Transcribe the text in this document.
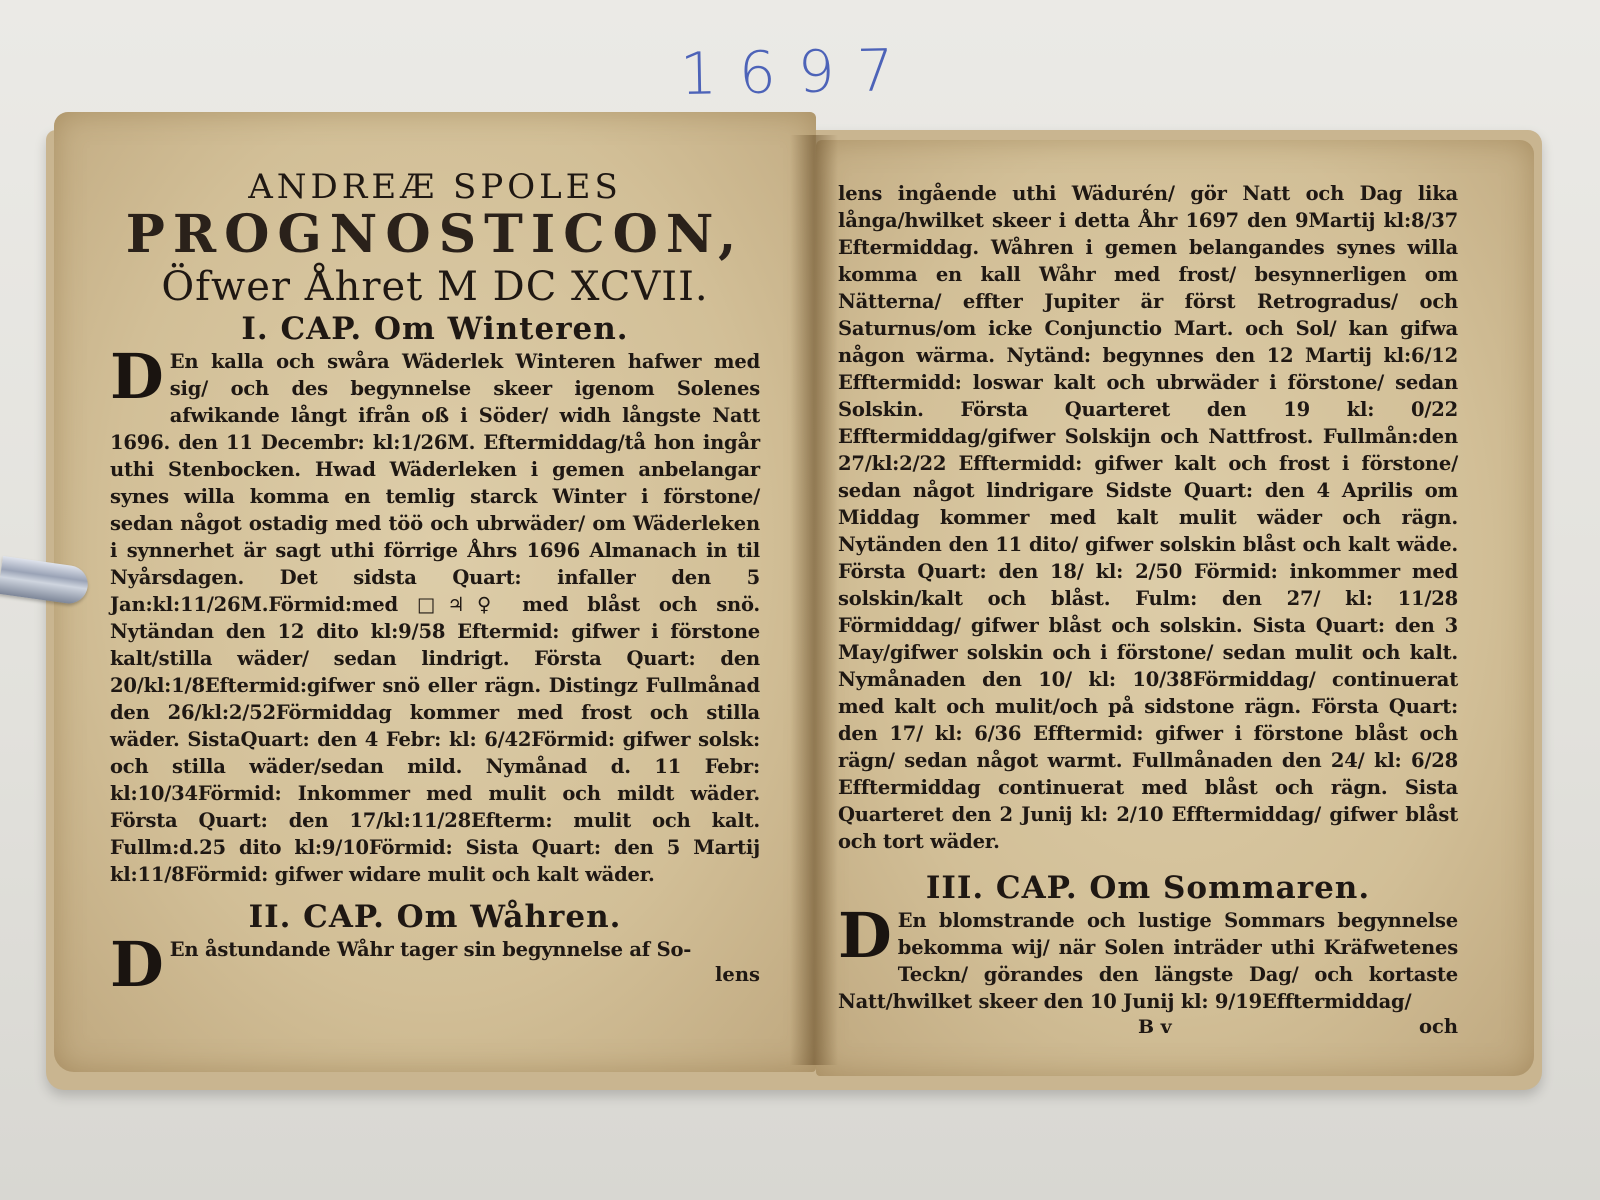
1697

ANDREÆ SPOLES

PROGNOSTICON,

Öfwer Åhret M DC XCVII.

I. CAP. Om Winteren.

D En kalla och swåra Wäderlek Winteren hafwer med sig/ och des begynnelse skeer igenom Solenes afwikande långt ifrån oß i Söder/ widh långste Natt 1696. den 11 Decembr: kl:1/26M. Eftermiddag/tå hon ingår uthi Stenbocken. Hwad Wäderleken i gemen anbelangar synes willa komma en temlig starck Winter i förstone/ sedan något ostadig med töö och ubrwäder/ om Wäderleken i synnerhet är sagt uthi förrige Åhrs 1696 Almanach in til Nyårsdagen. Det sidsta Quart: infaller den 5 Jan:kl:11/26M.Förmid:med □♃♀ med blåst och snö. Nytändan den 12 dito kl:9/58 Eftermid: gifwer i förstone kalt/stilla wäder/ sedan lindrigt. Första Quart: den 20/kl:1/8Eftermid:gifwer snö eller rägn. Distingz Fullmånad den 26/kl:2/52Förmiddag kommer med frost och stilla wäder. SistaQuart: den 4 Febr: kl: 6/42Förmid: gifwer solsk: och stilla wäder/sedan mild. Nymånad d. 11 Febr: kl:10/34Förmid: Inkommer med mulit och mildt wäder. Första Quart: den 17/kl:11/28Efterm: mulit och kalt. Fullm:d.25 dito kl:9/10Förmid: Sista Quart: den 5 Martij kl:11/8Förmid: gifwer widare mulit och kalt wäder.

II. CAP. Om Wåhren.

D En åstundande Wåhr tager sin begynnelse af So-

lens

lens ingående uthi Wädurén/ gör Natt och Dag lika långa/hwilket skeer i detta Åhr 1697 den 9Martij kl:8/37 Eftermiddag. Wåhren i gemen belangandes synes willa komma en kall Wåhr med frost/ besynnerligen om Nätterna/ effter Jupiter är först Retrogradus/ och Saturnus/om icke Conjunctio Mart. och Sol/ kan gifwa någon wärma. Nytänd: begynnes den 12 Martij kl:6/12 Efftermidd: loswar kalt och ubrwäder i förstone/ sedan Solskin. Första Quarteret den 19 kl: 0/22 Efftermiddag/gifwer Solskijn och Nattfrost. Fullmån:den 27/kl:2/22 Efftermidd: gifwer kalt och frost i förstone/ sedan något lindrigare Sidste Quart: den 4 Aprilis om Middag kommer med kalt mulit wäder och rägn. Nytänden den 11 dito/ gifwer solskin blåst och kalt wäde. Första Quart: den 18/ kl: 2/50 Förmid: inkommer med solskin/kalt och blåst. Fulm: den 27/ kl: 11/28 Förmiddag/ gifwer blåst och solskin. Sista Quart: den 3 May/gifwer solskin och i förstone/ sedan mulit och kalt. Nymånaden den 10/ kl: 10/38Förmiddag/ continuerat med kalt och mulit/och på sidstone rägn. Första Quart: den 17/ kl: 6/36 Efftermid: gifwer i förstone blåst och rägn/ sedan något warmt. Fullmånaden den 24/ kl: 6/28 Efftermiddag continuerat med blåst och rägn. Sista Quarteret den 2 Junij kl: 2/10 Efftermiddag/ gifwer blåst och tort wäder.

III. CAP. Om Sommaren.

D En blomstrande och lustige Sommars begynnelse bekomma wij/ när Solen inträder uthi Kräfwetenes Teckn/ görandes den längste Dag/ och kortaste Natt/hwilket skeer den 10 Junij kl: 9/19Efftermiddag/

B v	och
